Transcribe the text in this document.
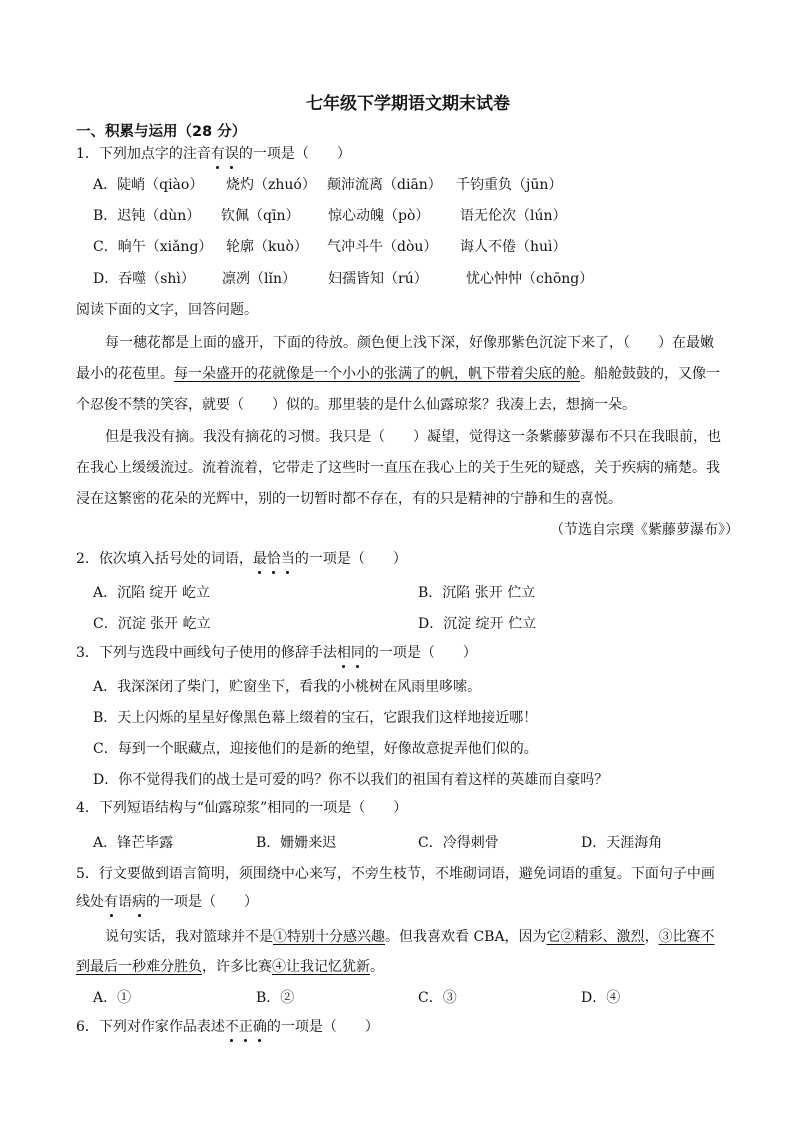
七年级下学期语文期末试卷
一、积累与运用（28 分）
1．下列加点字的注音有误的一项是（　　）
A．陡峭（qiào） 烧灼（zhuó） 颠沛流离（diān） 千钧重负（jūn）
B．迟钝（dùn） 钦佩（qīn） 惊心动魄（pò） 语无伦次（lún）
C．晌午（xiǎng） 轮廓（kuò） 气冲斗牛（dòu） 诲人不倦（huì）
D．吞噬（shì） 凛冽（lǐn） 妇孺皆知（rú）	忧心忡忡（chōng）
阅读下面的文字，回答问题。
每一穗花都是上面的盛开，下面的待放。颜色便上浅下深，好像那紫色沉淀下来了，（　　）在最嫩
最小的花苞里。每一朵盛开的花就像是一个小小的张满了的帆，帆下带着尖底的舱。船舱鼓鼓的，又像一
个忍俊不禁的笑容，就要（　　）似的。那里装的是什么仙露琼浆？我凑上去，想摘一朵。
但是我没有摘。我没有摘花的习惯。我只是（　　）凝望，觉得这一条紫藤萝瀑布不只在我眼前，也
在我心上缓缓流过。流着流着，它带走了这些时一直压在我心上的关于生死的疑惑，关于疾病的痛楚。我
浸在这繁密的花朵的光辉中，别的一切暂时都不存在，有的只是精神的宁静和生的喜悦。
（节选自宗璞《紫藤萝瀑布》）
2．依次填入括号处的词语，最恰当的一项是（　　）
A．沉陷 绽开 屹立	B．沉陷 张开 伫立
C．沉淀 张开 屹立	D．沉淀 绽开 伫立
3．下列与选段中画线句子使用的修辞手法相同的一项是（　　）
A．我深深闭了柴门，贮窗坐下，看我的小桃树在风雨里哆嗦。
B．天上闪烁的星星好像黑色幕上缀着的宝石，它跟我们这样地接近哪！
C．每到一个眠藏点，迎接他们的是新的绝望，好像故意捉弄他们似的。
D．你不觉得我们的战士是可爱的吗？你不以我们的祖国有着这样的英雄而自豪吗？
4．下列短语结构与“仙露琼浆”相同的一项是（　　）
A．锋芒毕露	B．姗姗来迟	C．冷得刺骨	D．天涯海角
5．行文要做到语言简明，须围绕中心来写，不旁生枝节，不堆砌词语，避免词语的重复。下面句子中画
线处有语病的一项是（　　）
说句实话，我对篮球并不是①特别十分感兴趣。但我喜欢看 CBA，因为它②精彩、激烈，③比赛不
到最后一秒难分胜负，许多比赛④让我记忆犹新。
A．①	B．②	C．③	D．④
6．下列对作家作品表述不正确的一项是（　　）
